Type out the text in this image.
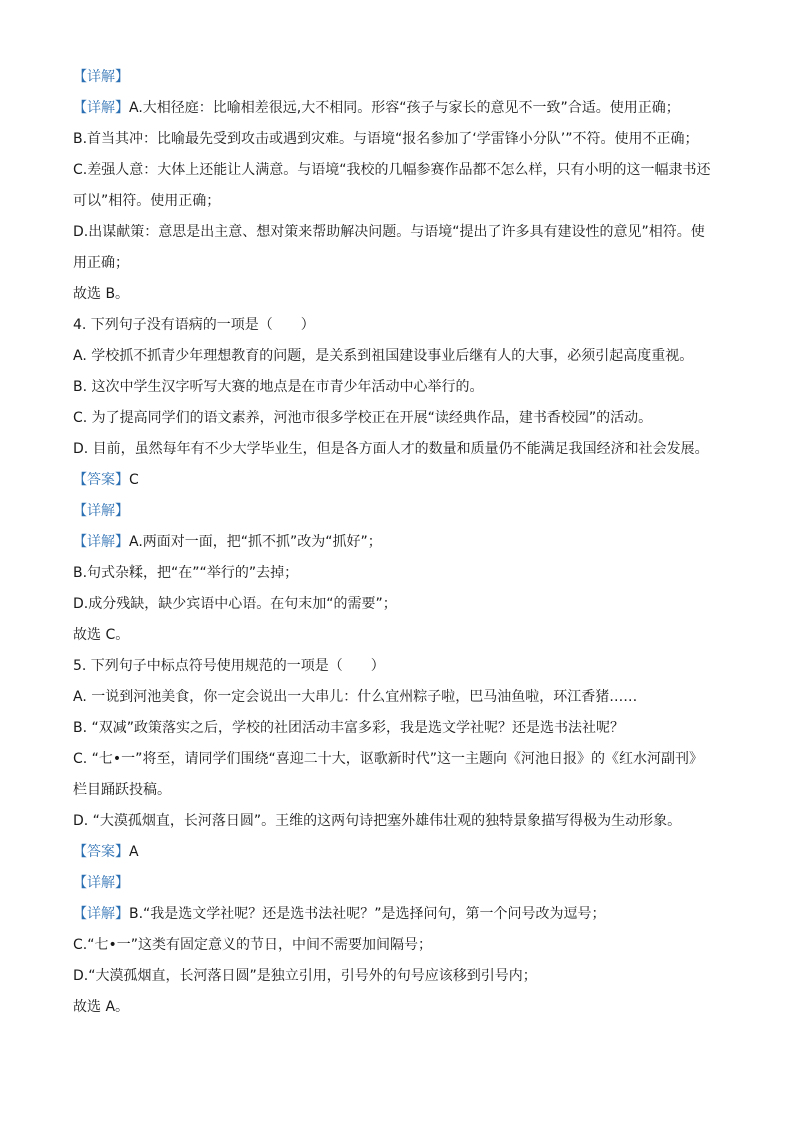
【详解】
【详解】A.大相径庭：比喻相差很远,大不相同。形容“孩子与家长的意见不一致”合适。使用正确；
B.首当其冲：比喻最先受到攻击或遇到灾难。与语境“报名参加了‘学雷锋小分队’”不符。使用不正确；
C.差强人意：大体上还能让人满意。与语境“我校的几幅参赛作品都不怎么样，只有小明的这一幅隶书还
可以”相符。使用正确；
D.出谋献策：意思是出主意、想对策来帮助解决问题。与语境“提出了许多具有建设性的意见”相符。使
用正确；
故选 B。
4. 下列句子没有语病的一项是（　　）
A. 学校抓不抓青少年理想教育的问题，是关系到祖国建设事业后继有人的大事，必须引起高度重视。
B. 这次中学生汉字听写大赛的地点是在市青少年活动中心举行的。
C. 为了提高同学们的语文素养，河池市很多学校正在开展“读经典作品，建书香校园”的活动。
D. 目前，虽然每年有不少大学毕业生，但是各方面人才的数量和质量仍不能满足我国经济和社会发展。
【答案】C
【详解】
【详解】A.两面对一面，把“抓不抓”改为“抓好”；
B.句式杂糅，把“在”“举行的”去掉；
D.成分残缺，缺少宾语中心语。在句末加“的需要”；
故选 C。
5. 下列句子中标点符号使用规范的一项是（　　）
A. 一说到河池美食，你一定会说出一大串儿：什么宜州粽子啦，巴马油鱼啦，环江香猪……
B. “双减”政策落实之后，学校的社团活动丰富多彩，我是选文学社呢？还是选书法社呢？
C. “七•一”将至，请同学们围绕“喜迎二十大，讴歌新时代”这一主题向《河池日报》的《红水河副刊》
栏目踊跃投稿。
D. “大漠孤烟直，长河落日圆”。王维的这两句诗把塞外雄伟壮观的独特景象描写得极为生动形象。
【答案】A
【详解】
【详解】B.“我是选文学社呢？还是选书法社呢？”是选择问句，第一个问号改为逗号；
C.“七•一”这类有固定意义的节日，中间不需要加间隔号；
D.“大漠孤烟直，长河落日圆”是独立引用，引号外的句号应该移到引号内；
故选 A。
